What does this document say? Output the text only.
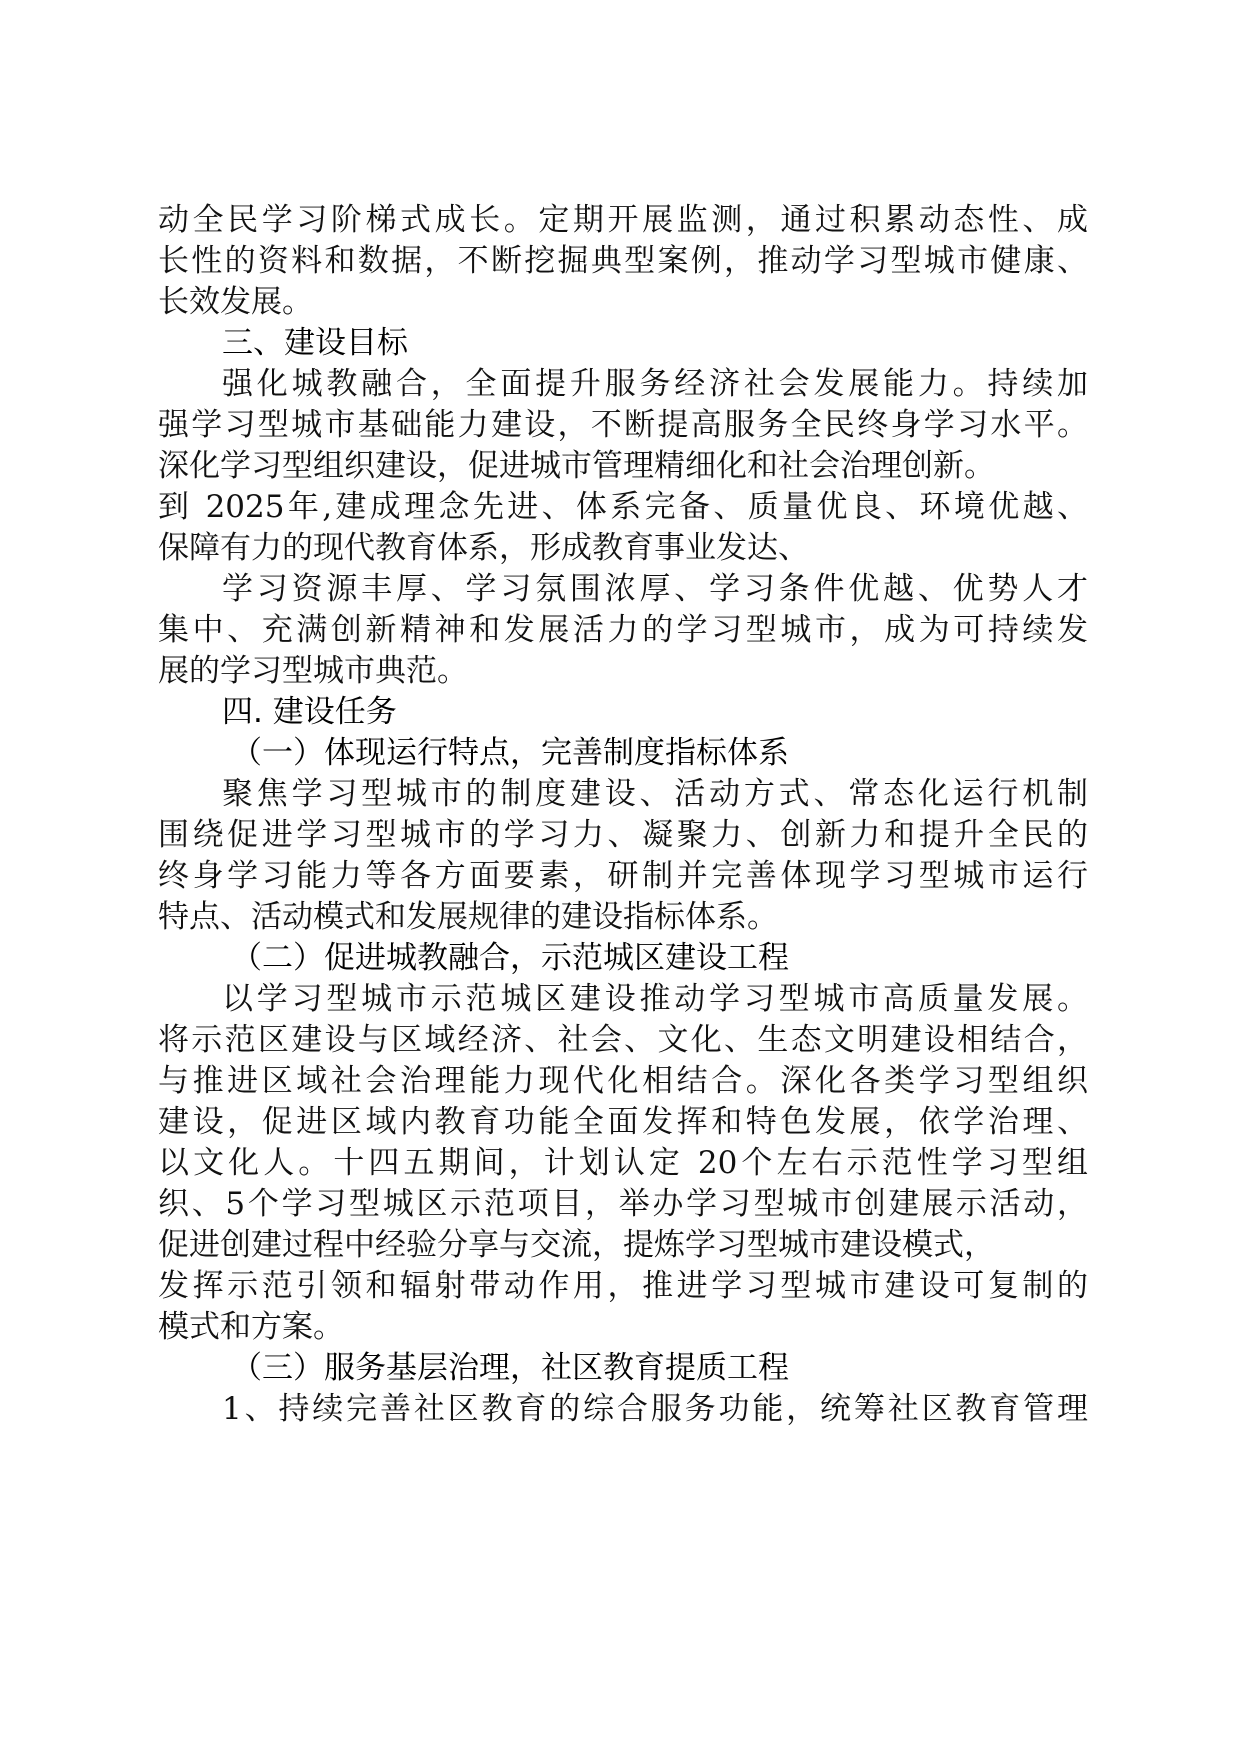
动全民学习阶梯式成长。定期开展监测，通过积累动态性、成
长性的资料和数据，不断挖掘典型案例，推动学习型城市健康、
长效发展。
三、建设目标
强化城教融合，全面提升服务经济社会发展能力。持续加
强学习型城市基础能力建设，不断提高服务全民终身学习水平。
深化学习型组织建设，促进城市管理精细化和社会治理创新。
到 2025年,建成理念先进、体系完备、质量优良、环境优越、
保障有力的现代教育体系，形成教育事业发达、
学习资源丰厚、学习氛围浓厚、学习条件优越、优势人才
集中、充满创新精神和发展活力的学习型城市，成为可持续发
展的学习型城市典范。
四. 建设任务
（一）体现运行特点，完善制度指标体系
聚焦学习型城市的制度建设、活动方式、常态化运行机制
围绕促进学习型城市的学习力、凝聚力、创新力和提升全民的
终身学习能力等各方面要素，研制并完善体现学习型城市运行
特点、活动模式和发展规律的建设指标体系。
（二）促进城教融合，示范城区建设工程
以学习型城市示范城区建设推动学习型城市高质量发展。
将示范区建设与区域经济、社会、文化、生态文明建设相结合，
与推进区域社会治理能力现代化相结合。深化各类学习型组织
建设，促进区域内教育功能全面发挥和特色发展，依学治理、
以文化人。十四五期间，计划认定 20个左右示范性学习型组
织、5个学习型城区示范项目，举办学习型城市创建展示活动，
促进创建过程中经验分享与交流，提炼学习型城市建设模式，
发挥示范引领和辐射带动作用，推进学习型城市建设可复制的
模式和方案。
（三）服务基层治理，社区教育提质工程
1、持续完善社区教育的综合服务功能，统筹社区教育管理
